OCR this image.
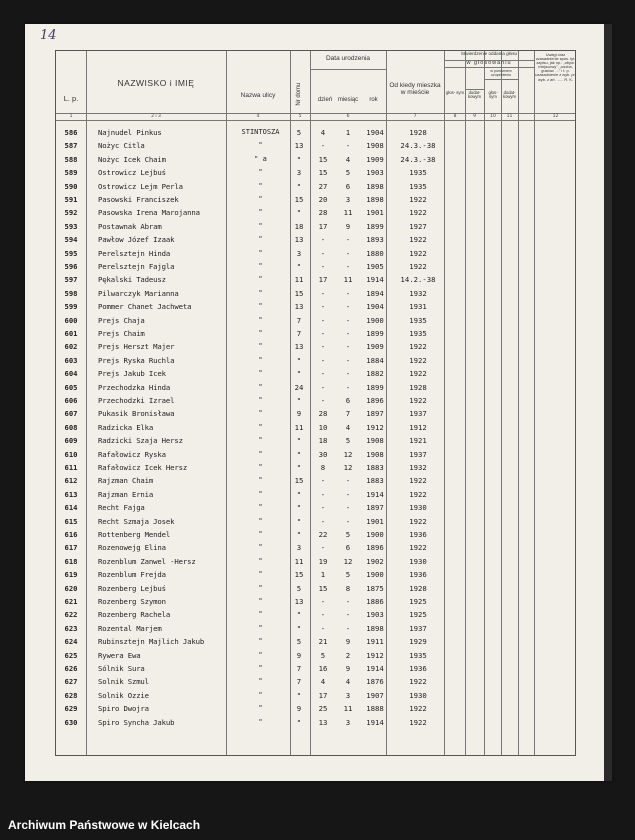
14
L. p.
NAZWISKO i IMIĘ
Nazwa ulicy	Nr domu
Data urodzenia
dzień miesiąc	rok
Od kiedy mieszka w mieście
Stwierdzenie oddania głosu
w głosowaniu
głos- sym	dodat- kowym
w ponownem uzupełnieniu
głos- sym
dodat- kowym
Uwagi oraz uzasadnienie spos. tyt. zapisu, jak np.: „obyw. miejscowy", „osoba, gustow. ..." i t. p. uzasadnienie z wyb. pr. wyb. z art. ...... R. K.
1	2 i 3	4	5	6	7	8	9	10	11	12
586	Najnudel Pinkus	STINTOSZA	5	4	1	1904	1928
587	Nożyc Citla	"	13	-	-	1908	24.3.-38
588	Nożyc Icek Chaim	" a	"	15	4	1909	24.3.-38
589	Ostrowicz Lejbuś	"	3	15	5	1903	1935
590	Ostrowicz Lejm Perla	"	"	27	6	1898	1935
591	Pasowski Franciszek	"	15	20	3	1898	1922
592	Pasowska Irena Marojanna	"	"	28	11	1901	1922
593	Postawnak Abram	"	18	17	9	1899	1927
594	Pawłow Józef Izaak	"	13	-	-	1893	1922
595	Perelsztejn Hinda	"	3	-	-	1880	1922
596	Perelsztejn Fajgla	"	"	-	-	1905	1922
597	Pękalski Tadeusz	"	11	17	11	1914	14.2.-38
598	Pilwarczyk Marianna	"	15	-	-	1894	1932
599	Pommer Chanet Jachweta	"	13	-	-	1904	1931
600	Prejs Chaja	"	7	-	-	1900	1935
601	Prejs Chaim	"	7	-	-	1899	1935
602	Prejs Herszt Majer	"	13	-	-	1909	1922
603	Prejs Ryska Ruchla	"	"	-	-	1884	1922
604	Prejs Jakub Icek	"	"	-	-	1882	1922
605	Przechodzka Hinda	"	24	-	-	1899	1928
606	Przechodzki Izrael	"	"	-	6	1896	1922
607	Pukasik Bronisława	"	9	28	7	1897	1937
608	Radzicka Elka	"	11	10	4	1912	1912
609	Radzicki Szaja Hersz	"	"	18	5	1908	1921
610	Rafałowicz Ryska	"	"	30	12	1908	1937
611	Rafałowicz Icek Hersz	"	"	8	12	1883	1932
612	Rajzman Chaim	"	15	-	-	1883	1922
613	Rajzman Ernia	"	"	-	-	1914	1922
614	Recht Fajga	"	"	-	-	1897	1930
615	Recht Szmaja Josek	"	"	-	-	1901	1922
616	Rottenberg Mendel	"	"	22	5	1900	1936
617	Rozenowejg Elina	"	3	-	6	1896	1922
618	Rozenblum Zanwel -Hersz	"	11	19	12	1902	1930
619	Rozenblum Frejda	"	15	1	5	1900	1936
620	Rozenberg Lejbuś	"	5	15	8	1875	1928
621	Rozenberg Szymon	"	13	-	-	1886	1925
622	Rozenberg Rachela	"	"	-	-	1903	1925
623	Rozental Marjem	"	"	-	-	1898	1937
624	Rubinsztejn Majlich Jakub	"	5	21	9	1911	1929
625	Rywera Ewa	"	9	5	2	1912	1935
626	Sólnik Sura	"	7	16	9	1914	1936
627	Solnik Szmul	"	7	4	4	1876	1922
628	Solnik Ozzie	"	"	17	3	1907	1930
629	Spiro Dwojra	"	9	25	11	1888	1922
630	Spiro Syncha Jakub	"	"	13	3	1914	1922
Archiwum Państwowe w Kielcach
